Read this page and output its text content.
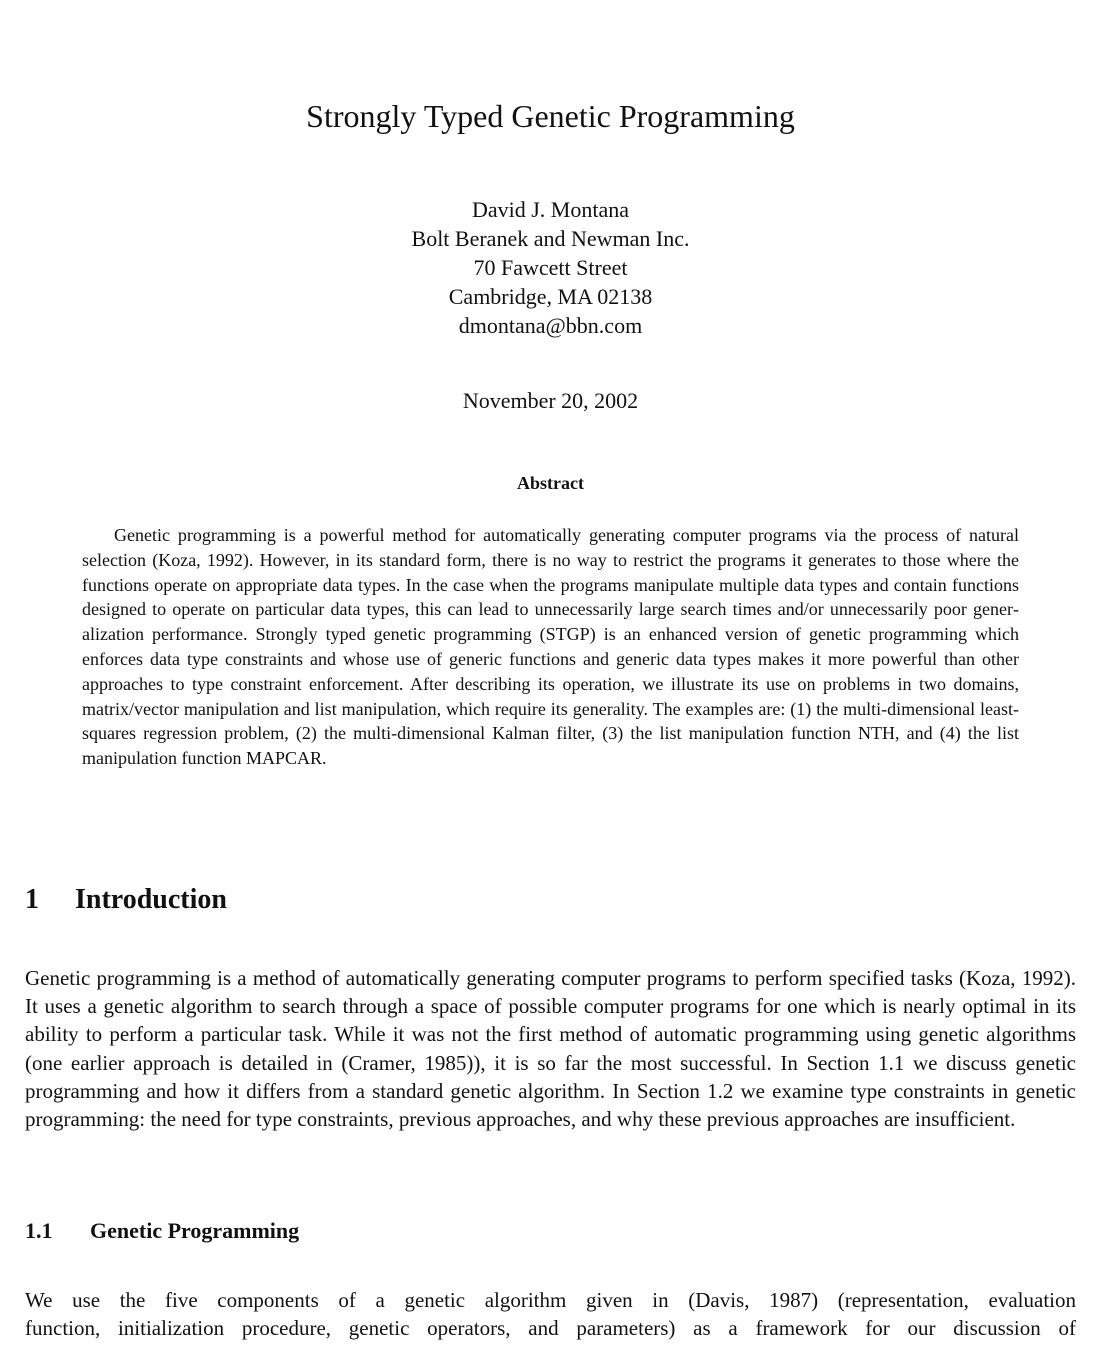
Strongly Typed Genetic Programming
David J. Montana
Bolt Beranek and Newman Inc.
70 Fawcett Street
Cambridge, MA 02138
dmontana@bbn.com
November 20, 2002
Abstract
Genetic programming is a powerful method for automatically generating computer programs via the process of natural selection (Koza, 1992). However, in its standard form, there is no way to restrict the programs it generates to those where the functions operate on appropriate data types. In the case when the programs manipulate multiple data types and contain functions designed to operate on particular data types, this can lead to unnecessarily large search times and/or unnecessarily poor generalization performance. Strongly typed genetic programming (STGP) is an enhanced version of genetic programming which enforces data type constraints and whose use of generic functions and generic data types makes it more powerful than other approaches to type constraint enforcement. After describing its operation, we illustrate its use on problems in two domains, matrix/vector manipulation and list manipulation, which require its generality. The examples are: (1) the multi-dimensional least-squares regression problem, (2) the multi-dimensional Kalman filter, (3) the list manipulation function NTH, and (4) the list manipulation function MAPCAR.
1 Introduction
Genetic programming is a method of automatically generating computer programs to perform specified tasks (Koza, 1992). It uses a genetic algorithm to search through a space of possible computer programs for one which is nearly optimal in its ability to perform a particular task. While it was not the first method of automatic programming using genetic algorithms (one earlier approach is detailed in (Cramer, 1985)), it is so far the most successful. In Section 1.1 we discuss genetic programming and how it differs from a standard genetic algorithm. In Section 1.2 we examine type constraints in genetic programming: the need for type constraints, previous approaches, and why these previous approaches are insufficient.
1.1 Genetic Programming
We use the five components of a genetic algorithm given in (Davis, 1987) (representation, evaluation
function, initialization procedure, genetic operators, and parameters) as a framework for our discussion of
